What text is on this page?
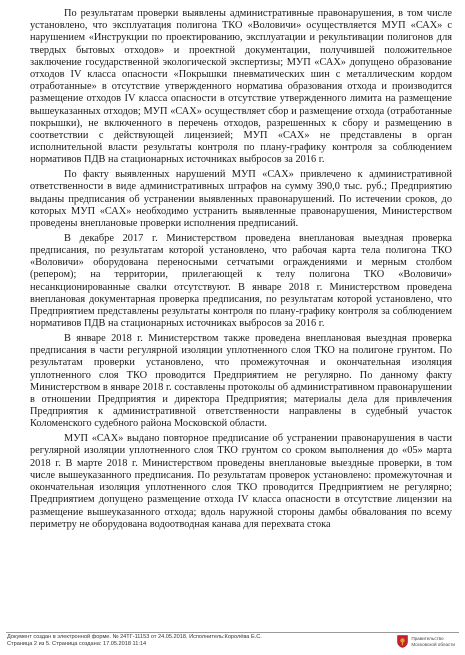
По результатам проверки выявлены административные правонарушения, в том числе установлено, что эксплуатация полигона ТКО «Воловичи» осуществляется МУП «САХ» с нарушением «Инструкции по проектированию, эксплуатации и рекультивации полигонов для твердых бытовых отходов» и проектной документации, получившей положительное заключение государственной экологической экспертизы; МУП «САХ» допущено образование отходов IV класса опасности «Покрышки пневматических шин с металлическим кордом отработанные» в отсутствие утвержденного норматива образования отхода и производится размещение отходов IV класса опасности в отсутствие утвержденного лимита на размещение вышеуказанных отходов; МУП «САХ» осуществляет сбор и размещение отхода (отработанные покрышки), не включенного в перечень отходов, разрешенных к сбору и размещению в соответствии с действующей лицензией; МУП «САХ» не представлены в орган исполнительной власти результаты контроля по плану-графику контроля за соблюдением нормативов ПДВ на стационарных источниках выбросов за 2016 г.

По факту выявленных нарушений МУП «САХ» привлечено к административной ответственности в виде административных штрафов на сумму 390,0 тыс. руб.; Предприятию выданы предписания об устранении выявленных правонарушений. По истечении сроков, до которых МУП «САХ» необходимо устранить выявленные правонарушения, Министерством проведены внеплановые проверки исполнения предписаний.

В декабре 2017 г. Министерством проведена внеплановая выездная проверка предписания, по результатам которой установлено, что рабочая карта тела полигона ТКО «Воловичи» оборудована переносными сетчатыми ограждениями и мерным столбом (репером); на территории, прилегающей к телу полигона ТКО «Воловичи» несанкционированные свалки отсутствуют. В январе 2018 г. Министерством проведена внеплановая документарная проверка предписания, по результатам которой установлено, что Предприятием представлены результаты контроля по плану-графику контроля за соблюдением нормативов ПДВ на стационарных источниках выбросов за 2016 г.

В январе 2018 г. Министерством также проведена внеплановая выездная проверка предписания в части регулярной изоляции уплотненного слоя ТКО на полигоне грунтом. По результатам проверки установлено, что промежуточная и окончательная изоляция уплотненного слоя ТКО проводится Предприятием не регулярно. По данному факту Министерством в январе 2018 г. составлены протоколы об административном правонарушении в отношении Предприятия и директора Предприятия; материалы дела для привлечения Предприятия к административной ответственности направлены в судебный участок Коломенского судебного района Московской области.

МУП «САХ» выдано повторное предписание об устранении правонарушения в части регулярной изоляции уплотненного слоя ТКО грунтом со сроком выполнения до «05» марта 2018 г. В марте 2018 г. Министерством проведены внеплановые выездные проверки, в том числе вышеуказанного предписания. По результатам проверок установлено: промежуточная и окончательная изоляция уплотненного слоя ТКО проводится Предприятием не регулярно; Предприятием допущено размещение отхода IV класса опасности в отсутствие лицензии на размещение вышеуказанного отхода; вдоль наружной стороны дамбы обвалования по всему периметру не оборудована водоотводная канава для перехвата стока

Документ создан в электронной форме. № 24ТГ-11153 от 24.05.2018. Исполнитель:Королёва Е.С.
Страница 2 из 5. Страница создана: 17.05.2018 11:14
Правительство
Московской области
